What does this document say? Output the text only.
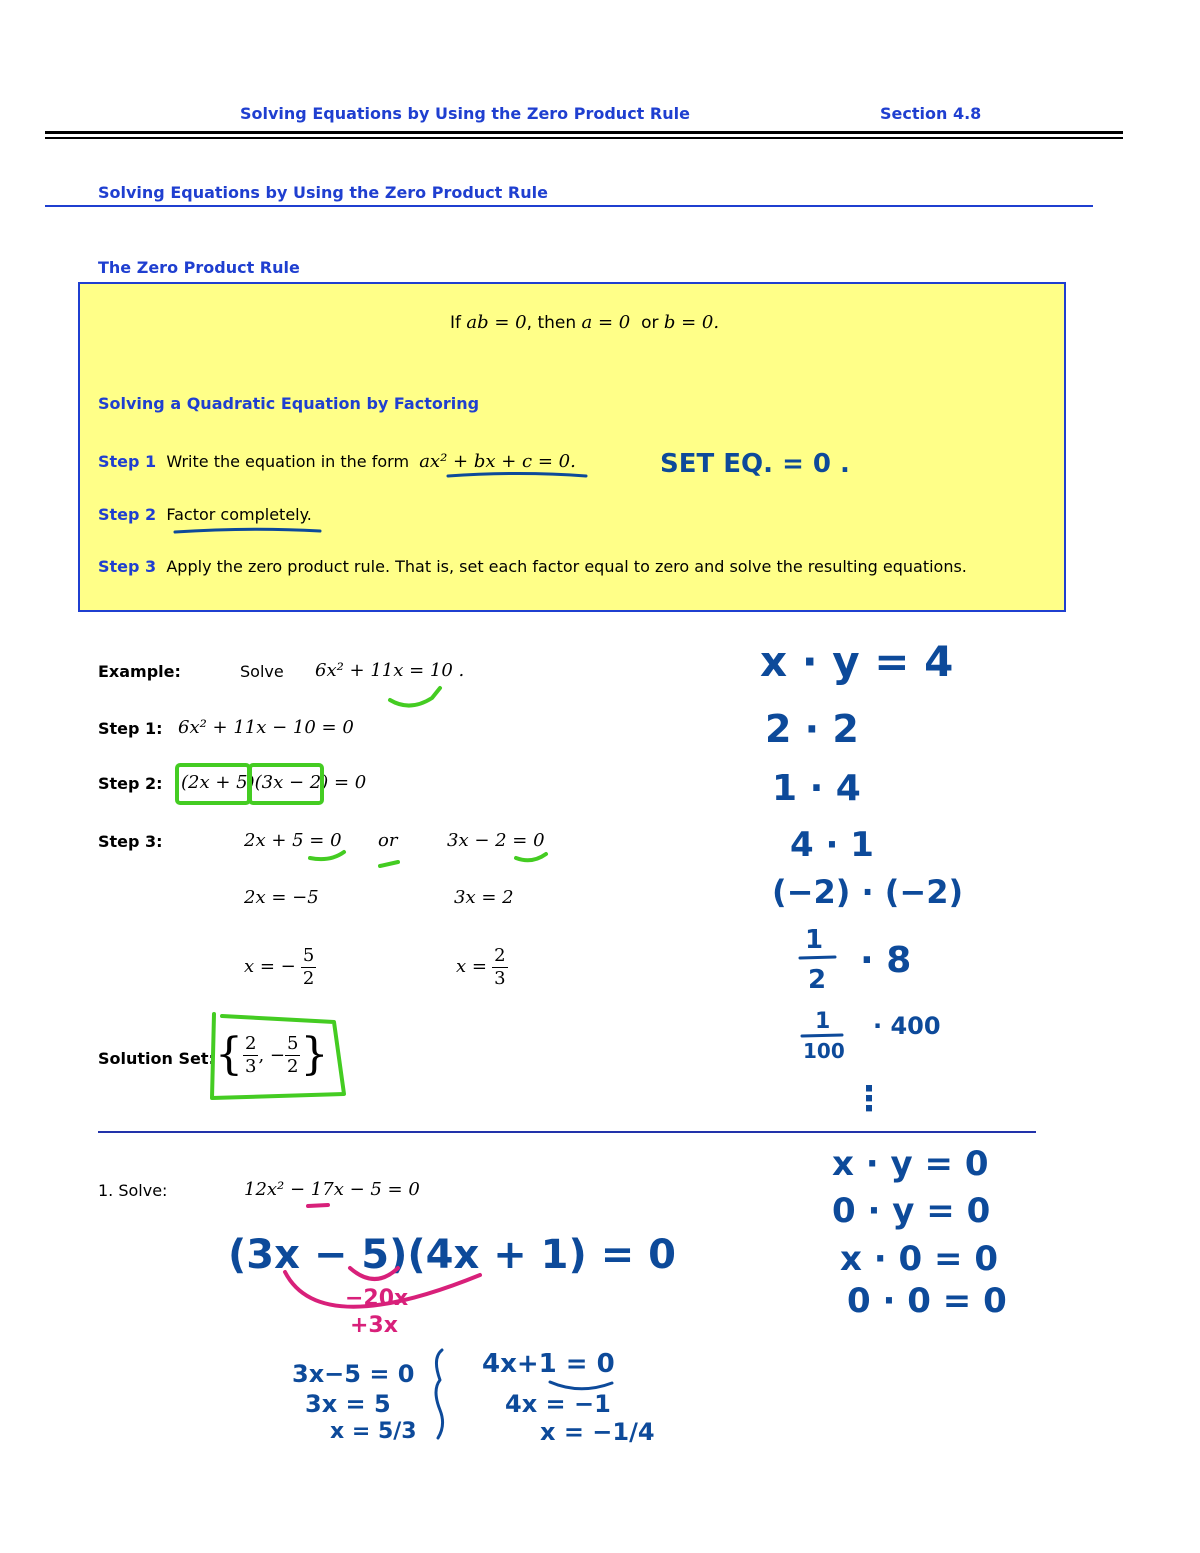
Solving Equations by Using the Zero Product Rule	Section 4.8
Solving Equations by Using the Zero Product Rule
The Zero Product Rule
If ab = 0, then a = 0 or b = 0.
Solving a Quadratic Equation by Factoring
Step 1 Write the equation in the form ax² + bx + c = 0.
Step 2 Factor completely.
Step 3 Apply the zero product rule. That is, set each factor equal to zero and solve the resulting equations.
Example:	Solve 6x² + 11x = 10 .
Step 1: 6x² + 11x − 10 = 0
Step 2: (2x + 5)(3x − 2) = 0
Step 3:	2x + 5 = 0 or	3x − 2 = 0
2x = −5	3x = 2
x = − $\frac{5}{2}$	$x = \frac{2}{3}$
Solution Set: { $\frac{2}{3}$ , − $\frac{5}{2}$ }
1. Solve:	12x² − 17x − 5 = 0
SET EQ. = 0 .
x · y = 4
2 · 2
1 · 4
4 · 1
(−2) · (−2)
1
2 · 8
1
100
· 400
⋮
x · y = 0
0 · y = 0
x · 0 = 0
0 · 0 = 0
(3x − 5)(4x + 1) = 0
−20x
+3x
3x−5 = 0
3x = 5
x = 5/3
4x+1 = 0
4x = −1
x = −1/4
